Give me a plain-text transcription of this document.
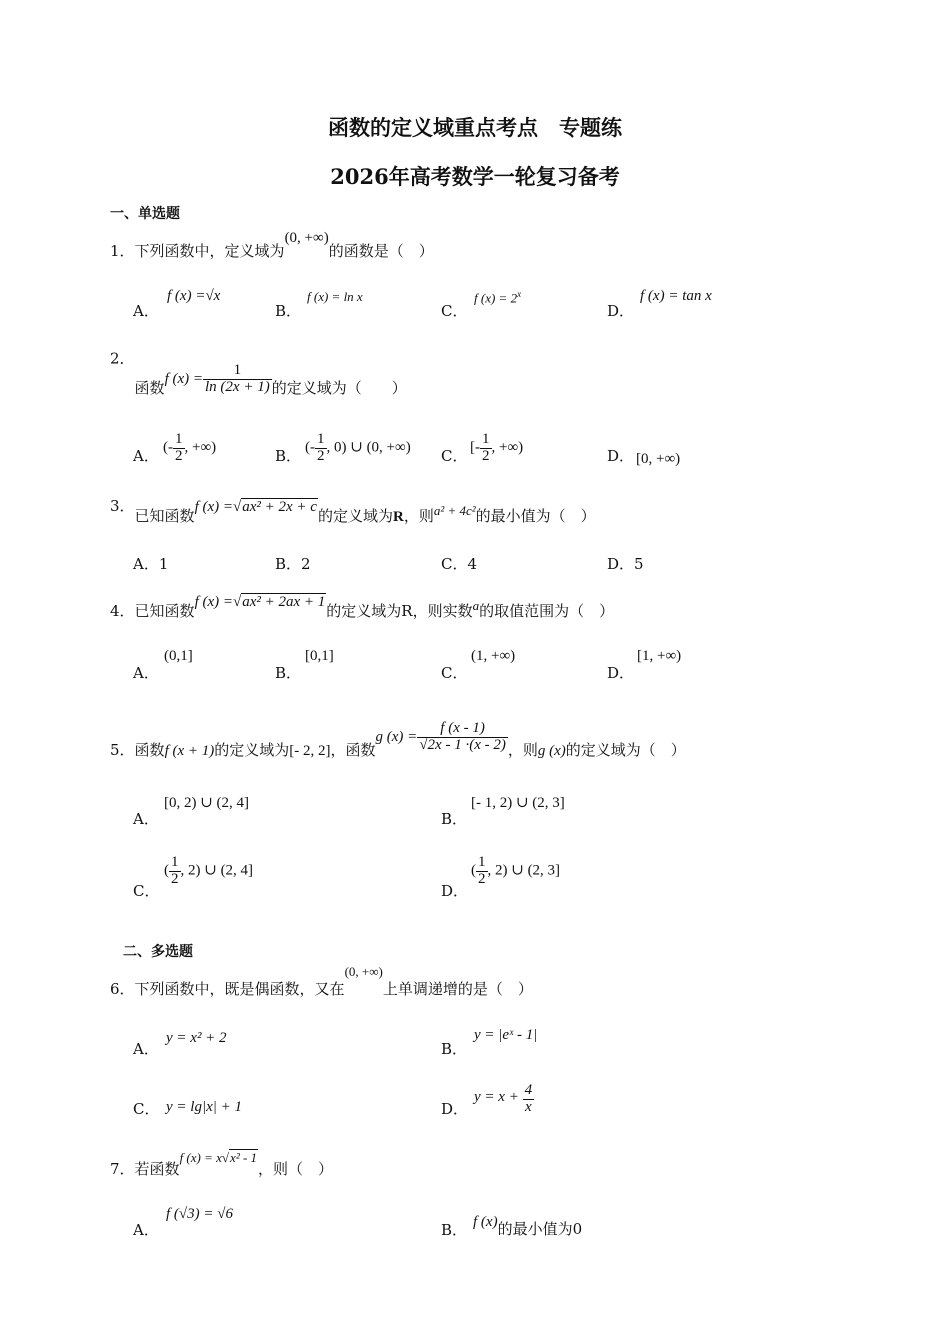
函数的定义域重点考点　专题练
2026年高考数学一轮复习备考
一、单选题
1．下列函数中，定义域为(0, +∞)的函数是（　）
A．
f (x) =√x
B．
f (x) = ln x
C．
f $(x) = 2^x$
D．
f (x) = tan x
2．函数f $(x) = \frac{1}{\ln (2x + 1)}$ 的定义域为（　　）
A． (- $\frac{1}{2}$ , +∞)	B． (- $\frac{1}{2}$ , 0) ∪ (0, +∞) C． [- $\frac{1}{2}$ , +∞)	D． [0, +∞)
3．已知函数f (x) =√ax² + 2x + c的定义域为R，则a² + 4c²的最小值为（　）
A．1	B．2	C．4	D．5
4．已知函数f (x) =√ax² + 2ax + 1的定义域为R，则实数a的取值范围为（　）
A．
(0,1]
B．
[0,1]
C．
(1, +∞)
D．
[1, +∞)
5．函数f (x + 1)的定义域为[- 2, 2]，函数g $(x) = \frac{f (x - 1)}{√2x - 1 \cdot(x - 2)}$ ，则g (x)的定义域为（　）
A．
[0, 2) ∪ (2, 4]
B．
[- 1, 2) ∪ (2, 3]
C．
( $\frac{1}{2}$ , 2) ∪ (2, 4]
D．
( $\frac{1}{2}$ , 2) ∪ (2, 3]
二、多选题
6．下列函数中，既是偶函数，又在(0, +∞)上单调递增的是（　）
A．
y = x² + 2
B．
y = |eˣ - 1|
C． y = lg|x| + 1	D．
$y = x + \frac{4}{x}$
7．若函数f (x) = x√x² - 1，则（　）
A．
f (√3) = √6
B． f (x)的最小值为0
